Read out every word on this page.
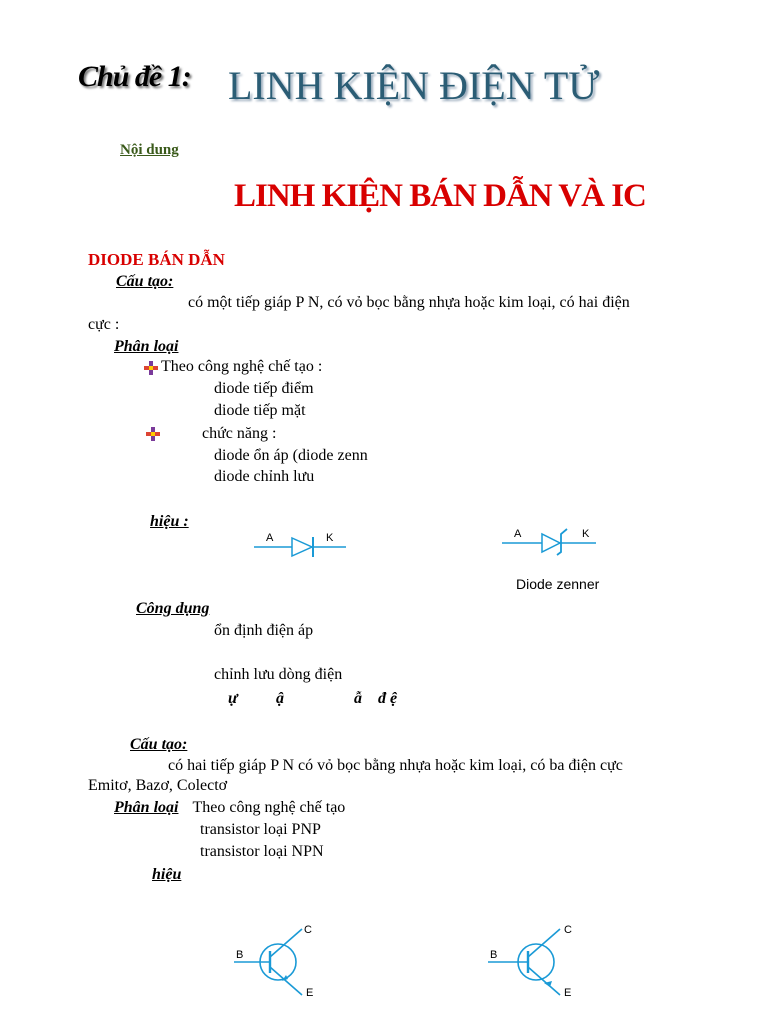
Chủ đề 1: LINH KIỆN ĐIỆN TỬ
Nội dung
LINH KIỆN BÁN DẪN VÀ IC
DIODE BÁN DẪN
Cấu tạo:
có một tiếp giáp P N, có vỏ bọc bằng nhựa hoặc kim loại, có hai điện
cực :
Phân loại
Theo công nghệ chế tạo :
diode tiếp điểm
diode tiếp mặt
chức năng :
diode ổn áp (diode zenn
diode chỉnh lưu
hiệu :
A	K	A	K
Diode zenner
Công dụng
ổn định điện áp
chỉnh lưu dòng điện
ự ậ	ẫ đ ệ
Cấu tạo:
có hai tiếp giáp P N có vỏ bọc bằng nhựa hoặc kim loại, có ba điện cực
Emitơ, Bazơ, Colectơ
Phân loại Theo công nghệ chế tạo
transistor loại PNP
transistor loại NPN
hiệu
B
C
E
B
C
E
